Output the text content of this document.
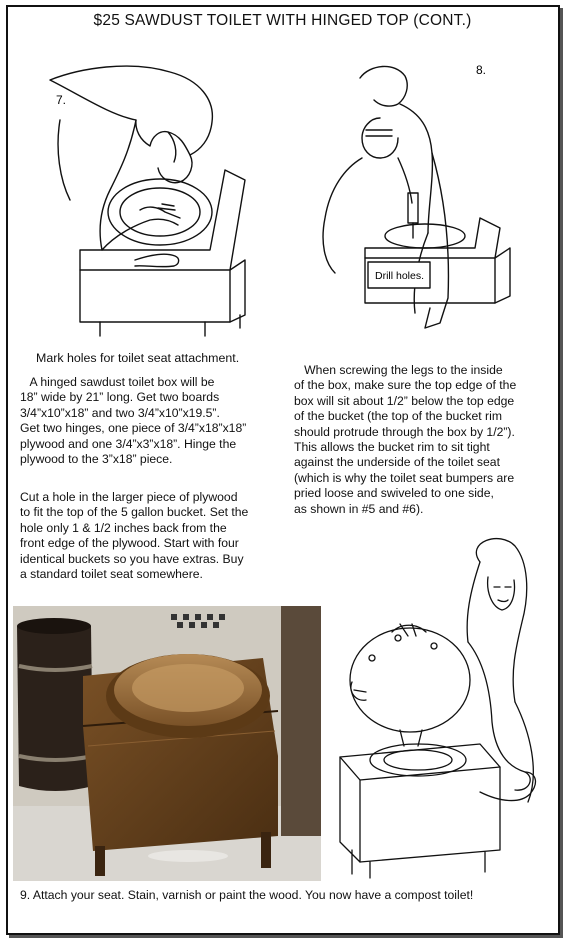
$25 SAWDUST TOILET WITH HINGED TOP (CONT.)
7.
8.
Drill holes.
Mark holes for toilet seat attachment.
A hinged sawdust toilet box will be
18” wide by 21” long. Get two boards
3/4”x10”x18” and two 3/4”x10”x19.5”.
Get two hinges, one piece of 3/4”x18”x18”
plywood and one 3/4”x3”x18”. Hinge the
plywood to the 3”x18” piece.
Cut a hole in the larger piece of plywood
to fit the top of the 5 gallon bucket. Set the
hole only 1 & 1/2 inches back from the
front edge of the plywood. Start with four
identical buckets so you have extras. Buy
a standard toilet seat somewhere.
When screwing the legs to the inside
of the box, make sure the top edge of the
box will sit about 1/2” below the top edge
of the bucket (the top of the bucket rim
should protrude through the box by 1/2”).
This allows the bucket rim to sit tight
against the underside of the toilet seat
(which is why the toilet seat bumpers are
pried loose and swiveled to one side,
as shown in #5 and #6).
9. Attach your seat. Stain, varnish or paint the wood. You now have a compost toilet!
